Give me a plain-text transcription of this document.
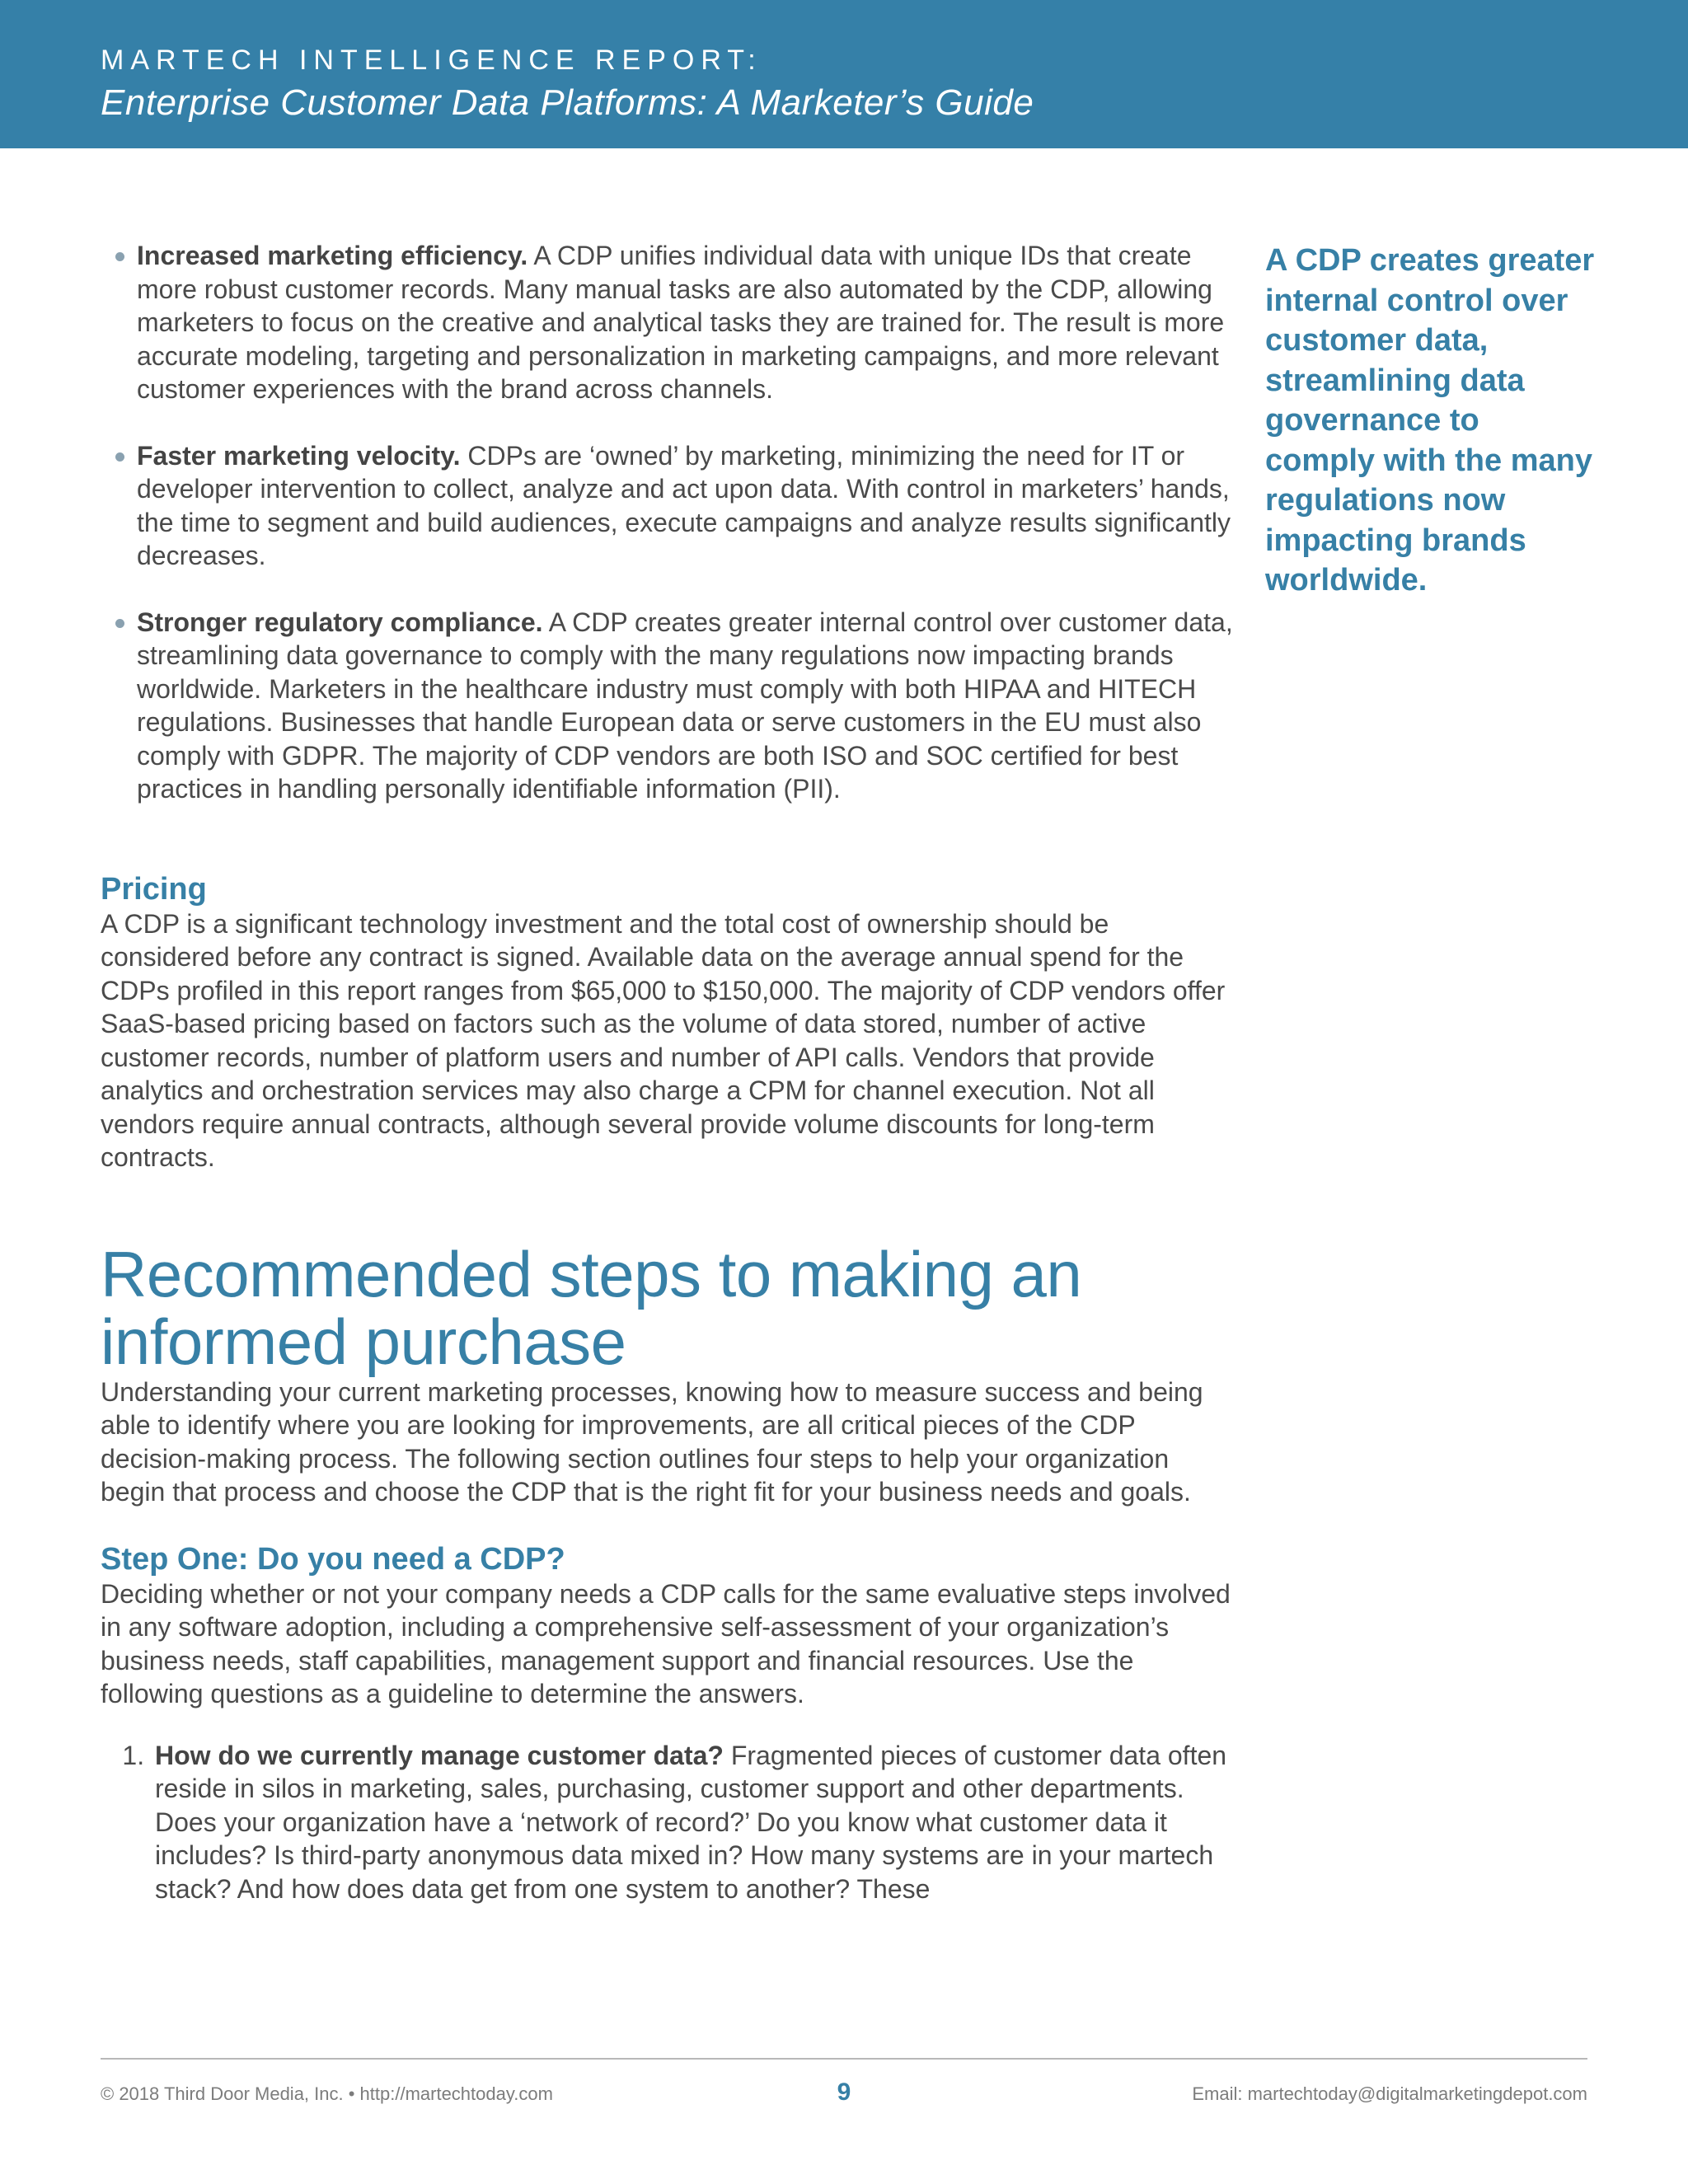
MARTECH INTELLIGENCE REPORT:
Enterprise Customer Data Platforms: A Marketer’s Guide
Increased marketing efficiency. A CDP unifies individual data with unique IDs that create more robust customer records. Many manual tasks are also automated by the CDP, allowing marketers to focus on the creative and analytical tasks they are trained for. The result is more accurate modeling, targeting and personalization in marketing campaigns, and more relevant customer experiences with the brand across channels.
Faster marketing velocity. CDPs are ‘owned’ by marketing, minimizing the need for IT or developer intervention to collect, analyze and act upon data. With control in marketers’ hands, the time to segment and build audiences, execute campaigns and analyze results significantly decreases.
Stronger regulatory compliance. A CDP creates greater internal control over customer data, streamlining data governance to comply with the many regulations now impacting brands worldwide. Marketers in the healthcare industry must comply with both HIPAA and HITECH regulations. Businesses that handle European data or serve customers in the EU must also comply with GDPR. The majority of CDP vendors are both ISO and SOC certified for best practices in handling personally identifiable information (PII).
Pricing

A CDP is a significant technology investment and the total cost of ownership should be considered before any contract is signed. Available data on the average annual spend for the CDPs profiled in this report ranges from $65,000 to $150,000. The majority of CDP vendors offer SaaS-based pricing based on factors such as the volume of data stored, number of active customer records, number of platform users and number of API calls. Vendors that provide analytics and orchestration services may also charge a CPM for channel execution. Not all vendors require annual contracts, although several provide volume discounts for long-term contracts.

Recommended steps to making an informed purchase

Understanding your current marketing processes, knowing how to measure success and being able to identify where you are looking for improvements, are all critical pieces of the CDP decision-making process. The following section outlines four steps to help your organization begin that process and choose the CDP that is the right fit for your business needs and goals.

Step One: Do you need a CDP?

Deciding whether or not your company needs a CDP calls for the same evaluative steps involved in any software adoption, including a comprehensive self-assessment of your organization’s business needs, staff capabilities, management support and financial resources. Use the following questions as a guideline to determine the answers.

1. How do we currently manage customer data? Fragmented pieces of customer data often reside in silos in marketing, sales, purchasing, customer support and other departments. Does your organization have a ‘network of record?’ Do you know what customer data it includes? Is third-party anonymous data mixed in? How many systems are in your martech stack? And how does data get from one system to another? These
A CDP creates greater internal control over customer data, streamlining data governance to comply with the many regulations now impacting brands worldwide.
© 2018 Third Door Media, Inc. • http://martechtoday.com	9	Email: martechtoday@digitalmarketingdepot.com
